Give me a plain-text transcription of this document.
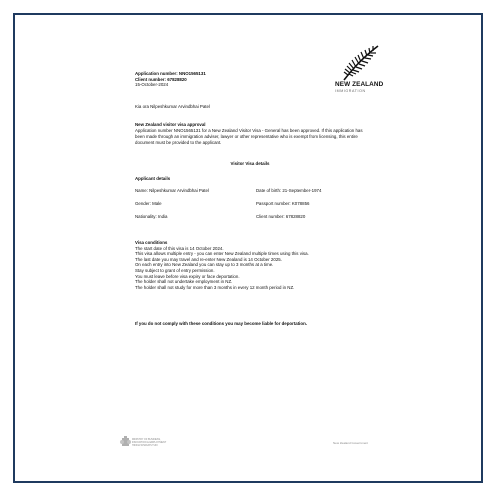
NEW ZEALAND
IMMIGRATION
Application number: NNO1565131
Client number: 67828820
15-October-2024
Kia ora Nilpeshkumar Arvindbhai Patel
New Zealand visitor visa approval
Application number NNO1565131 for a New Zealand Visitor Visa - General has been approved. If this application has been made through an immigration adviser, lawyer or other representative who is exempt from licensing, this entire document must be provided to the applicant.
Visitor Visa details
Applicant details
Name: Nilpeshkumar Arvindbhai Patel	Date of birth: 21-September-1974
Gender: Male	Passport number: K078856
Nationality: India	Client number: 67828820
Visa conditions
The start date of this visa is 14 October 2024.
This visa allows multiple entry - you can enter New Zealand multiple times using this visa.
The last date you may travel and re-enter New Zealand is 14 October 2025.
On each entry into New Zealand you can stay up to 3 months at a time.
Stay subject to grant of entry permission.
You must leave before visa expiry or face deportation.
The holder shall not undertake employment in NZ.
The holder shall not study for more than 3 months in every 12 month period in NZ.
If you do not comply with these conditions you may become liable for deportation.
MINISTRY OF BUSINESS,
INNOVATION & EMPLOYMENT
HIKINA WHAKATUTUKI
New Zealand Government
